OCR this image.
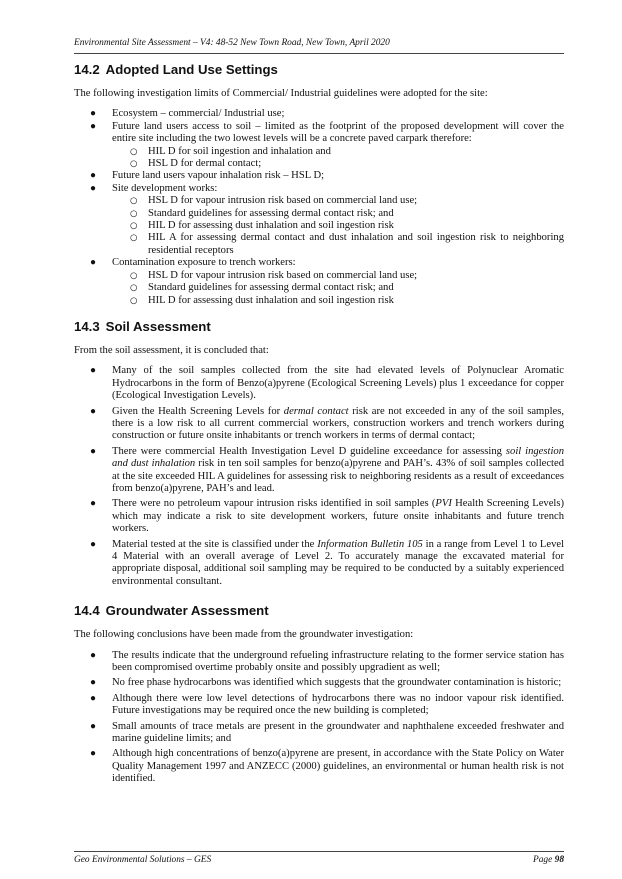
Environmental Site Assessment – V4: 48-52 New Town Road, New Town, April 2020
14.2 Adopted Land Use Settings

The following investigation limits of Commercial/ Industrial guidelines were adopted for the site:

● Ecosystem – commercial/ Industrial use;
● Future land users access to soil – limited as the footprint of the proposed development will cover the entire site including the two lowest levels will be a concrete paved carpark therefore:
○ HIL D for soil ingestion and inhalation and
○ HSL D for dermal contact;
● Future land users vapour inhalation risk – HSL D;
● Site development works:
○ HSL D for vapour intrusion risk based on commercial land use;
○ Standard guidelines for assessing dermal contact risk; and
○ HIL D for assessing dust inhalation and soil ingestion risk
○ HIL A for assessing dermal contact and dust inhalation and soil ingestion risk to neighboring residential receptors
● Contamination exposure to trench workers:
○ HSL D for vapour intrusion risk based on commercial land use;
○ Standard guidelines for assessing dermal contact risk; and
○ HIL D for assessing dust inhalation and soil ingestion risk
14.3 Soil Assessment

From the soil assessment, it is concluded that:

● Many of the soil samples collected from the site had elevated levels of Polynuclear Aromatic Hydrocarbons in the form of Benzo(a)pyrene (Ecological Screening Levels) plus 1 exceedance for copper (Ecological Investigation Levels).
● Given the Health Screening Levels for dermal contact risk are not exceeded in any of the soil samples, there is a low risk to all current commercial workers, construction workers and trench workers during construction or future onsite inhabitants or trench workers in terms of dermal contact;
● There were commercial Health Investigation Level D guideline exceedance for assessing soil ingestion and dust inhalation risk in ten soil samples for benzo(a)pyrene and PAH’s. 43% of soil samples collected at the site exceeded HIL A guidelines for assessing risk to neighboring residents as a result of exceedances from benzo(a)pyrene, PAH’s and lead.
● There were no petroleum vapour intrusion risks identified in soil samples (PVI Health Screening Levels) which may indicate a risk to site development workers, future onsite inhabitants and future trench workers.
● Material tested at the site is classified under the Information Bulletin 105 in a range from Level 1 to Level 4 Material with an overall average of Level 2. To accurately manage the excavated material for appropriate disposal, additional soil sampling may be required to be conducted by a suitably experienced environmental consultant.
14.4 Groundwater Assessment

The following conclusions have been made from the groundwater investigation:

● The results indicate that the underground refueling infrastructure relating to the former service station has been compromised overtime probably onsite and possibly upgradient as well;
● No free phase hydrocarbons was identified which suggests that the groundwater contamination is historic;
● Although there were low level detections of hydrocarbons there was no indoor vapour risk identified. Future investigations may be required once the new building is completed;
● Small amounts of trace metals are present in the groundwater and naphthalene exceeded freshwater and marine guideline limits; and
● Although high concentrations of benzo(a)pyrene are present, in accordance with the State Policy on Water Quality Management 1997 and ANZECC (2000) guidelines, an environmental or human health risk is not identified.
Geo Environmental Solutions – GES	Page 98
